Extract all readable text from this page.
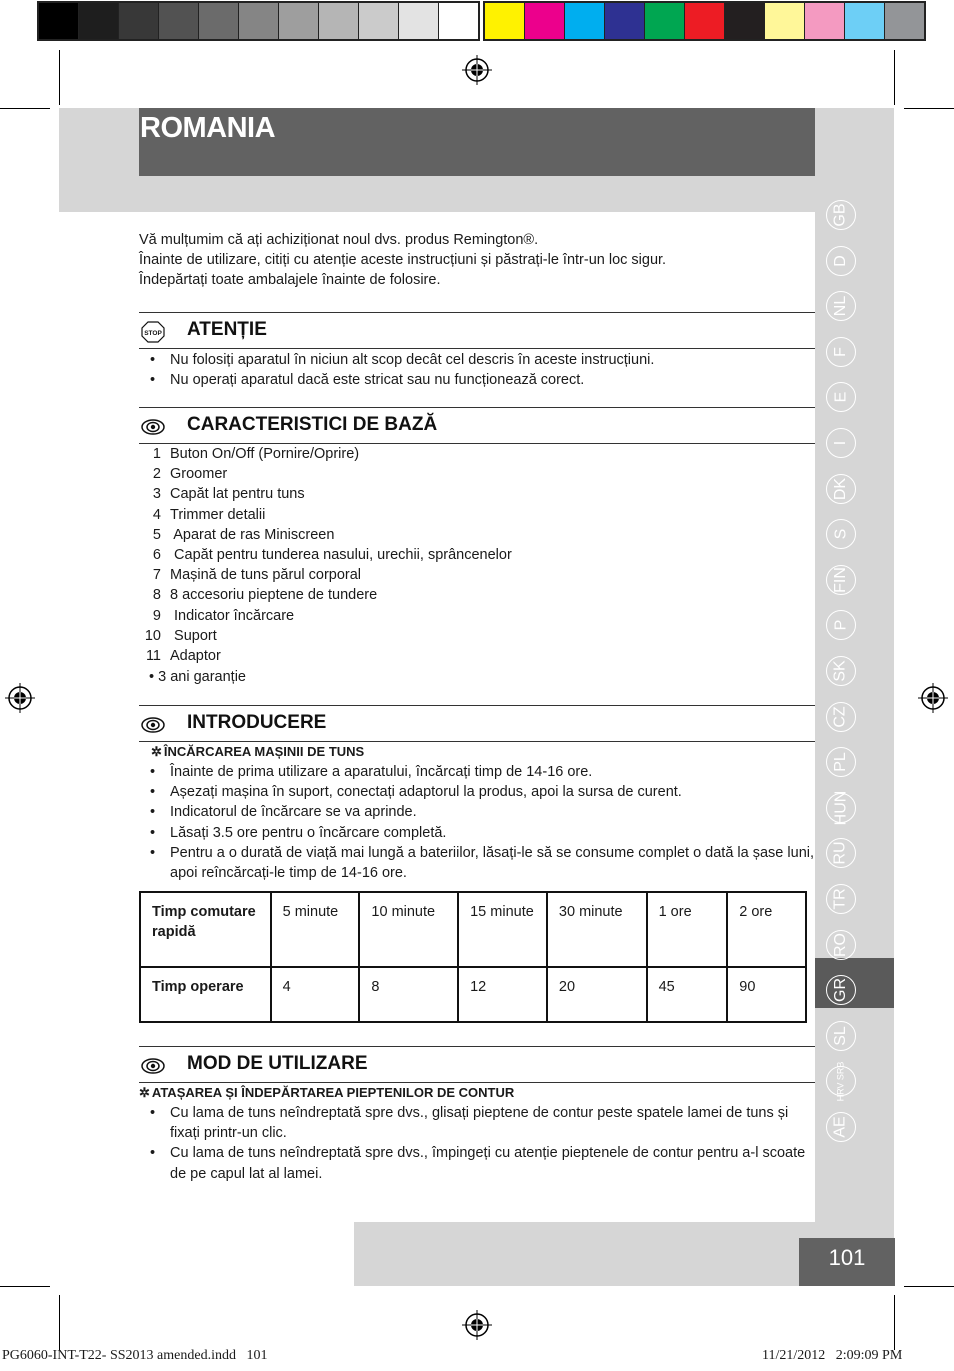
ROMANIA
GB
D
NL
F
E
I
DK
S
FIN
P
SK
CZ
PL
HUN
RU
TR
RO
GR
SL
HRV SRB
AE
101

Vă mulțumim că ați achiziționat noul dvs. produs Remington®.

Înainte de utilizare, citiți cu atenție aceste instrucțiuni și păstrați-le într-un loc sigur.

Îndepărtați toate ambalajele înainte de folosire.

STOP ATENȚIE
• Nu folosiți aparatul în niciun alt scop decât cel descris în aceste instrucțiuni.
• Nu operați aparatul dacă este stricat sau nu funcționează corect.
CARACTERISTICI DE BAZĂ
1 Buton On/Off (Pornire/Oprire)
2 Groomer
3 Capăt lat pentru tuns
4 Trimmer detalii
5 Aparat de ras Miniscreen
6 Capăt pentru tunderea nasului, urechii, sprâncenelor
7 Mașină de tuns părul corporal
8 8 accesoriu pieptene de tundere
9 Indicator încărcare
10 Suport
11 Adaptor
• 3 ani garanție
INTRODUCERE
✲ ÎNCĂRCAREA MAȘINII DE TUNS
• Înainte de prima utilizare a aparatului, încărcați timp de 14-16 ore.
• Așezați mașina în suport, conectați adaptorul la produs, apoi la sursa de curent.
• Indicatorul de încărcare se va aprinde.
• Lăsați 3.5 ore pentru o încărcare completă.
• Pentru a o durată de viață mai lungă a bateriilor, lăsați-le să se consume complet o dată la șase luni, apoi reîncărcați-le timp de 14-16 ore.
Timp comutare rapidă	5 minute	10 minute	15 minute	30 minute	1 ore	2 ore
Timp operare	4	8	12	20	45	90
MOD DE UTILIZARE
✲ ATAȘAREA ȘI ÎNDEPĂRTAREA PIEPTENILOR DE CONTUR
• Cu lama de tuns neîndreptată spre dvs., glisați pieptene de contur peste spatele lamei de tuns și fixați printr-un clic.
• Cu lama de tuns neîndreptată spre dvs., împingeți cu atenție pieptenele de contur pentru a-l scoate de pe capul lat al lamei.
PG6060-INT-T22- SS2013 amended.indd   101	11/21/2012   2:09:09 PM
